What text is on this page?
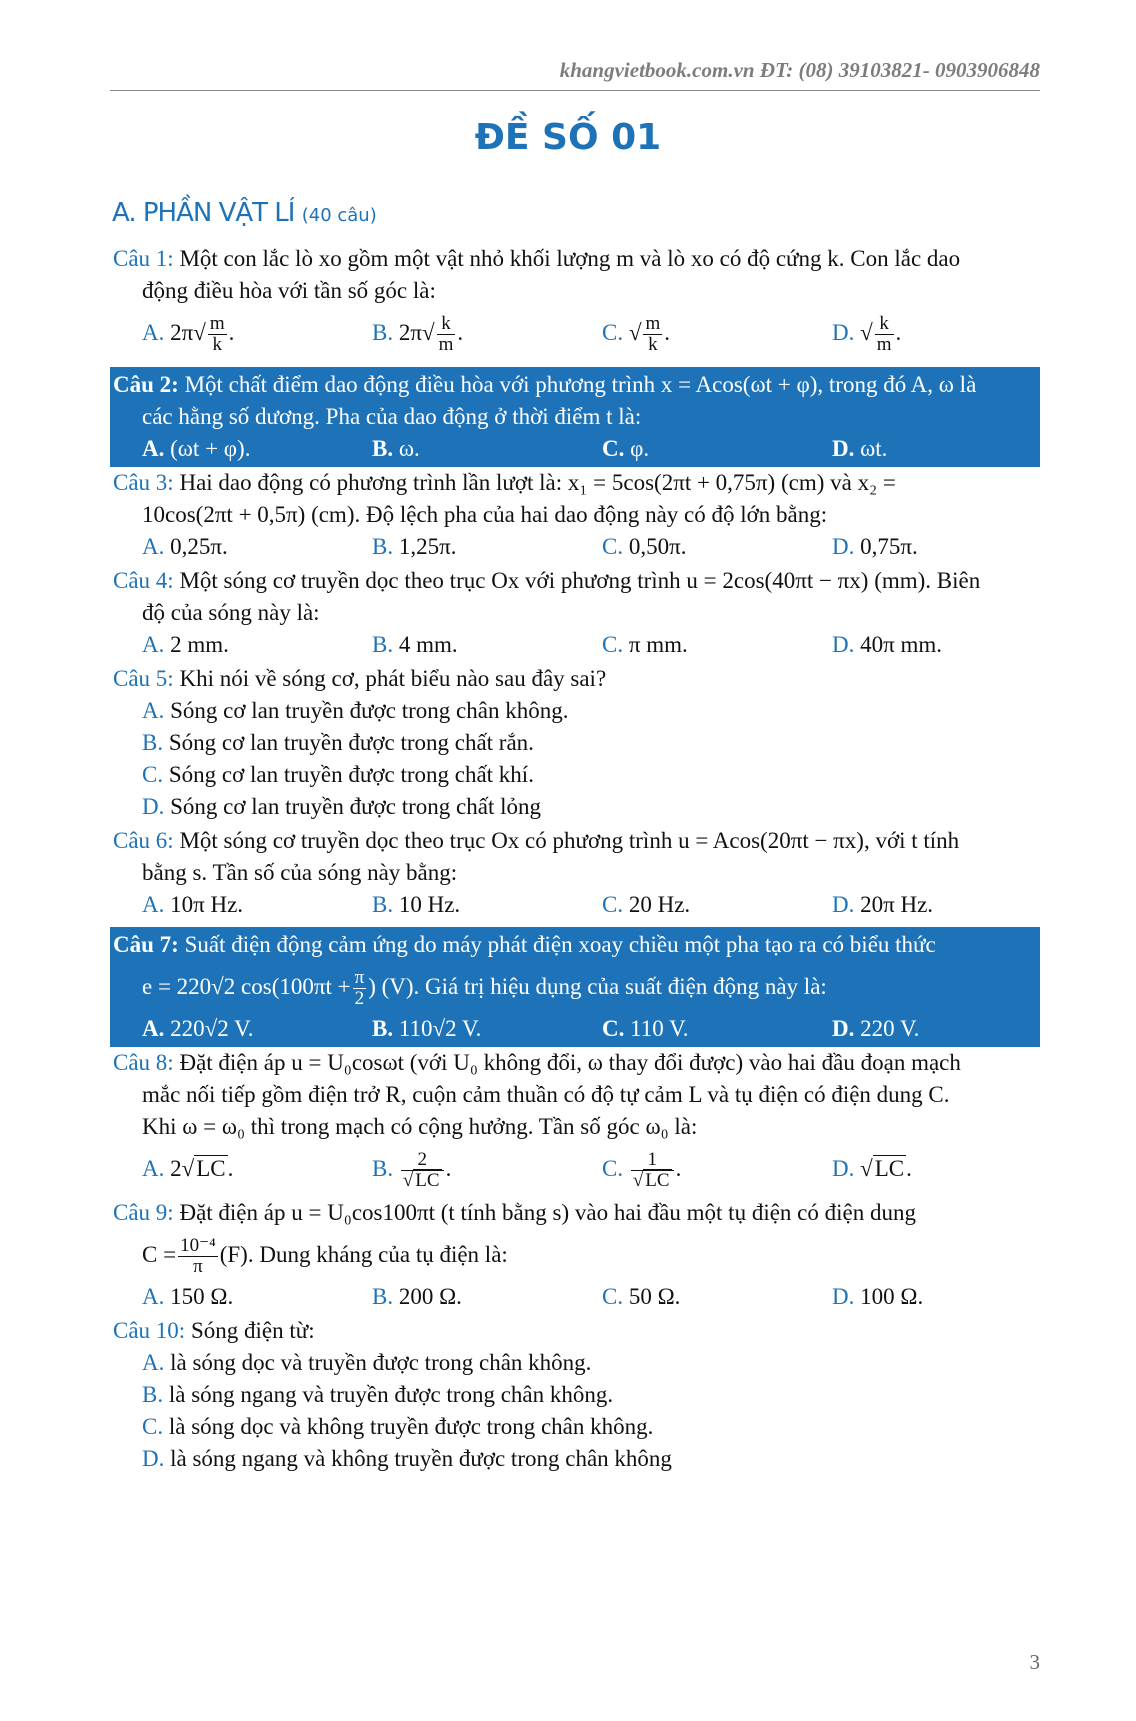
khangvietbook.com.vn ĐT: (08) 39103821- 0903906848
ĐỀ SỐ 01
A. PHẦN VẬT LÍ (40 câu)
Câu 1: Một con lắc lò xo gồm một vật nhỏ khối lượng m và lò xo có độ cứng k. Con lắc dao
động điều hòa với tần số góc là:
A. $2\pi√ \frac{m}{k}$ .	B. $2\pi√ \frac{k}{m}$ .	C. √ $\frac{m}{k}$ .	D. √ $\frac{k}{m}$ .
Câu 2: Một chất điểm dao động điều hòa với phương trình x = Acos(ωt + φ), trong đó A, ω là
các hằng số dương. Pha của dao động ở thời điểm t là:
A. (ωt + φ).	B. ω.	C. φ.	D. ωt.
Câu 3: Hai dao động có phương trình lần lượt là: x₁ = 5cos(2πt + 0,75π) (cm) và x₂ =
10cos(2πt + 0,5π) (cm). Độ lệch pha của hai dao động này có độ lớn bằng:
A. 0,25π.	B. 1,25π.	C. 0,50π.	D. 0,75π.
Câu 4: Một sóng cơ truyền dọc theo trục Ox với phương trình u = 2cos(40πt − πx) (mm). Biên
độ của sóng này là:
A. 2 mm.	B. 4 mm.	C. π mm.	D. 40π mm.
Câu 5: Khi nói về sóng cơ, phát biểu nào sau đây sai?
A. Sóng cơ lan truyền được trong chân không.
B. Sóng cơ lan truyền được trong chất rắn.
C. Sóng cơ lan truyền được trong chất khí.
D. Sóng cơ lan truyền được trong chất lỏng
Câu 6: Một sóng cơ truyền dọc theo trục Ox có phương trình u = Acos(20πt − πx), với t tính
bằng s. Tần số của sóng này bằng:
A. 10π Hz.	B. 10 Hz.	C. 20 Hz.	D. 20π Hz.
Câu 7: Suất điện động cảm ứng do máy phát điện xoay chiều một pha tạo ra có biểu thức
e = 220√2 $\cos(100\pi t + \frac{\pi}{2}$ ) (V). Giá trị hiệu dụng của suất điện động này là:
A. 220√2 V.	B. 110√2 V.	C. 110 V.	D. 220 V.
Câu 8: Đặt điện áp u = U₀cosωt (với U₀ không đổi, ω thay đổi được) vào hai đầu đoạn mạch
mắc nối tiếp gồm điện trở R, cuộn cảm thuần có độ tự cảm L và tụ điện có điện dung C.
Khi ω = ω₀ thì trong mạch có cộng hưởng. Tần số góc ω₀ là:
A. 2√LC.	B. $\frac{2}{√ LC}$ .	C. $\frac{1}{√ LC}$ .	D. √LC.
Câu 9: Đặt điện áp u = U₀cos100πt (t tính bằng s) vào hai đầu một tụ điện có điện dung
$C = \frac{\text{10⁻⁴}}{\pi} (F)$. Dung kháng của tụ điện là:
A. 150 Ω.	B. 200 Ω.	C. 50 Ω.	D. 100 Ω.
Câu 10: Sóng điện từ:
A. là sóng dọc và truyền được trong chân không.
B. là sóng ngang và truyền được trong chân không.
C. là sóng dọc và không truyền được trong chân không.
D. là sóng ngang và không truyền được trong chân không
3
